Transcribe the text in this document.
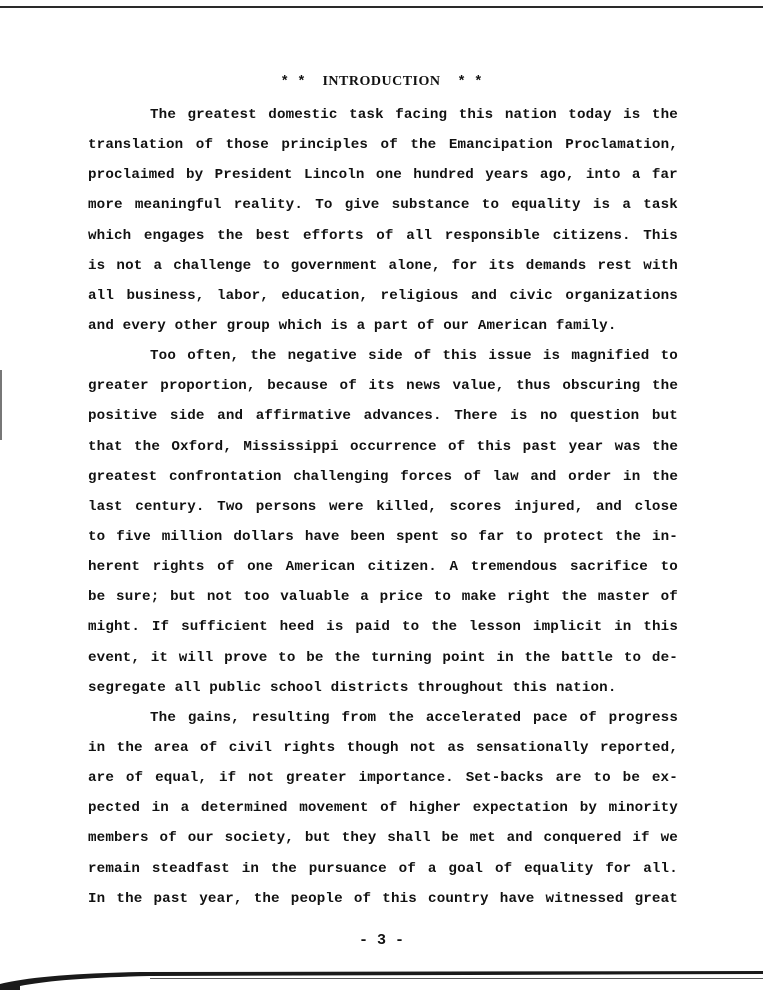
* * INTRODUCTION * *
The greatest domestic task facing this nation today is the
translation of those principles of the Emancipation Proclamation,
proclaimed by President Lincoln one hundred years ago, into a far
more meaningful reality. To give substance to equality is a task
which engages the best efforts of all responsible citizens. This
is not a challenge to government alone, for its demands rest with
all business, labor, education, religious and civic organizations
and every other group which is a part of our American family.
Too often, the negative side of this issue is magnified to
greater proportion, because of its news value, thus obscuring the
positive side and affirmative advances. There is no question but
that the Oxford, Mississippi occurrence of this past year was the
greatest confrontation challenging forces of law and order in the
last century. Two persons were killed, scores injured, and close
to five million dollars have been spent so far to protect the in-
herent rights of one American citizen. A tremendous sacrifice to
be sure; but not too valuable a price to make right the master of
might. If sufficient heed is paid to the lesson implicit in this
event, it will prove to be the turning point in the battle to de-
segregate all public school districts throughout this nation.
The gains, resulting from the accelerated pace of progress
in the area of civil rights though not as sensationally reported,
are of equal, if not greater importance. Set-backs are to be ex-
pected in a determined movement of higher expectation by minority
members of our society, but they shall be met and conquered if we
remain steadfast in the pursuance of a goal of equality for all.
In the past year, the people of this country have witnessed great
- 3 -
